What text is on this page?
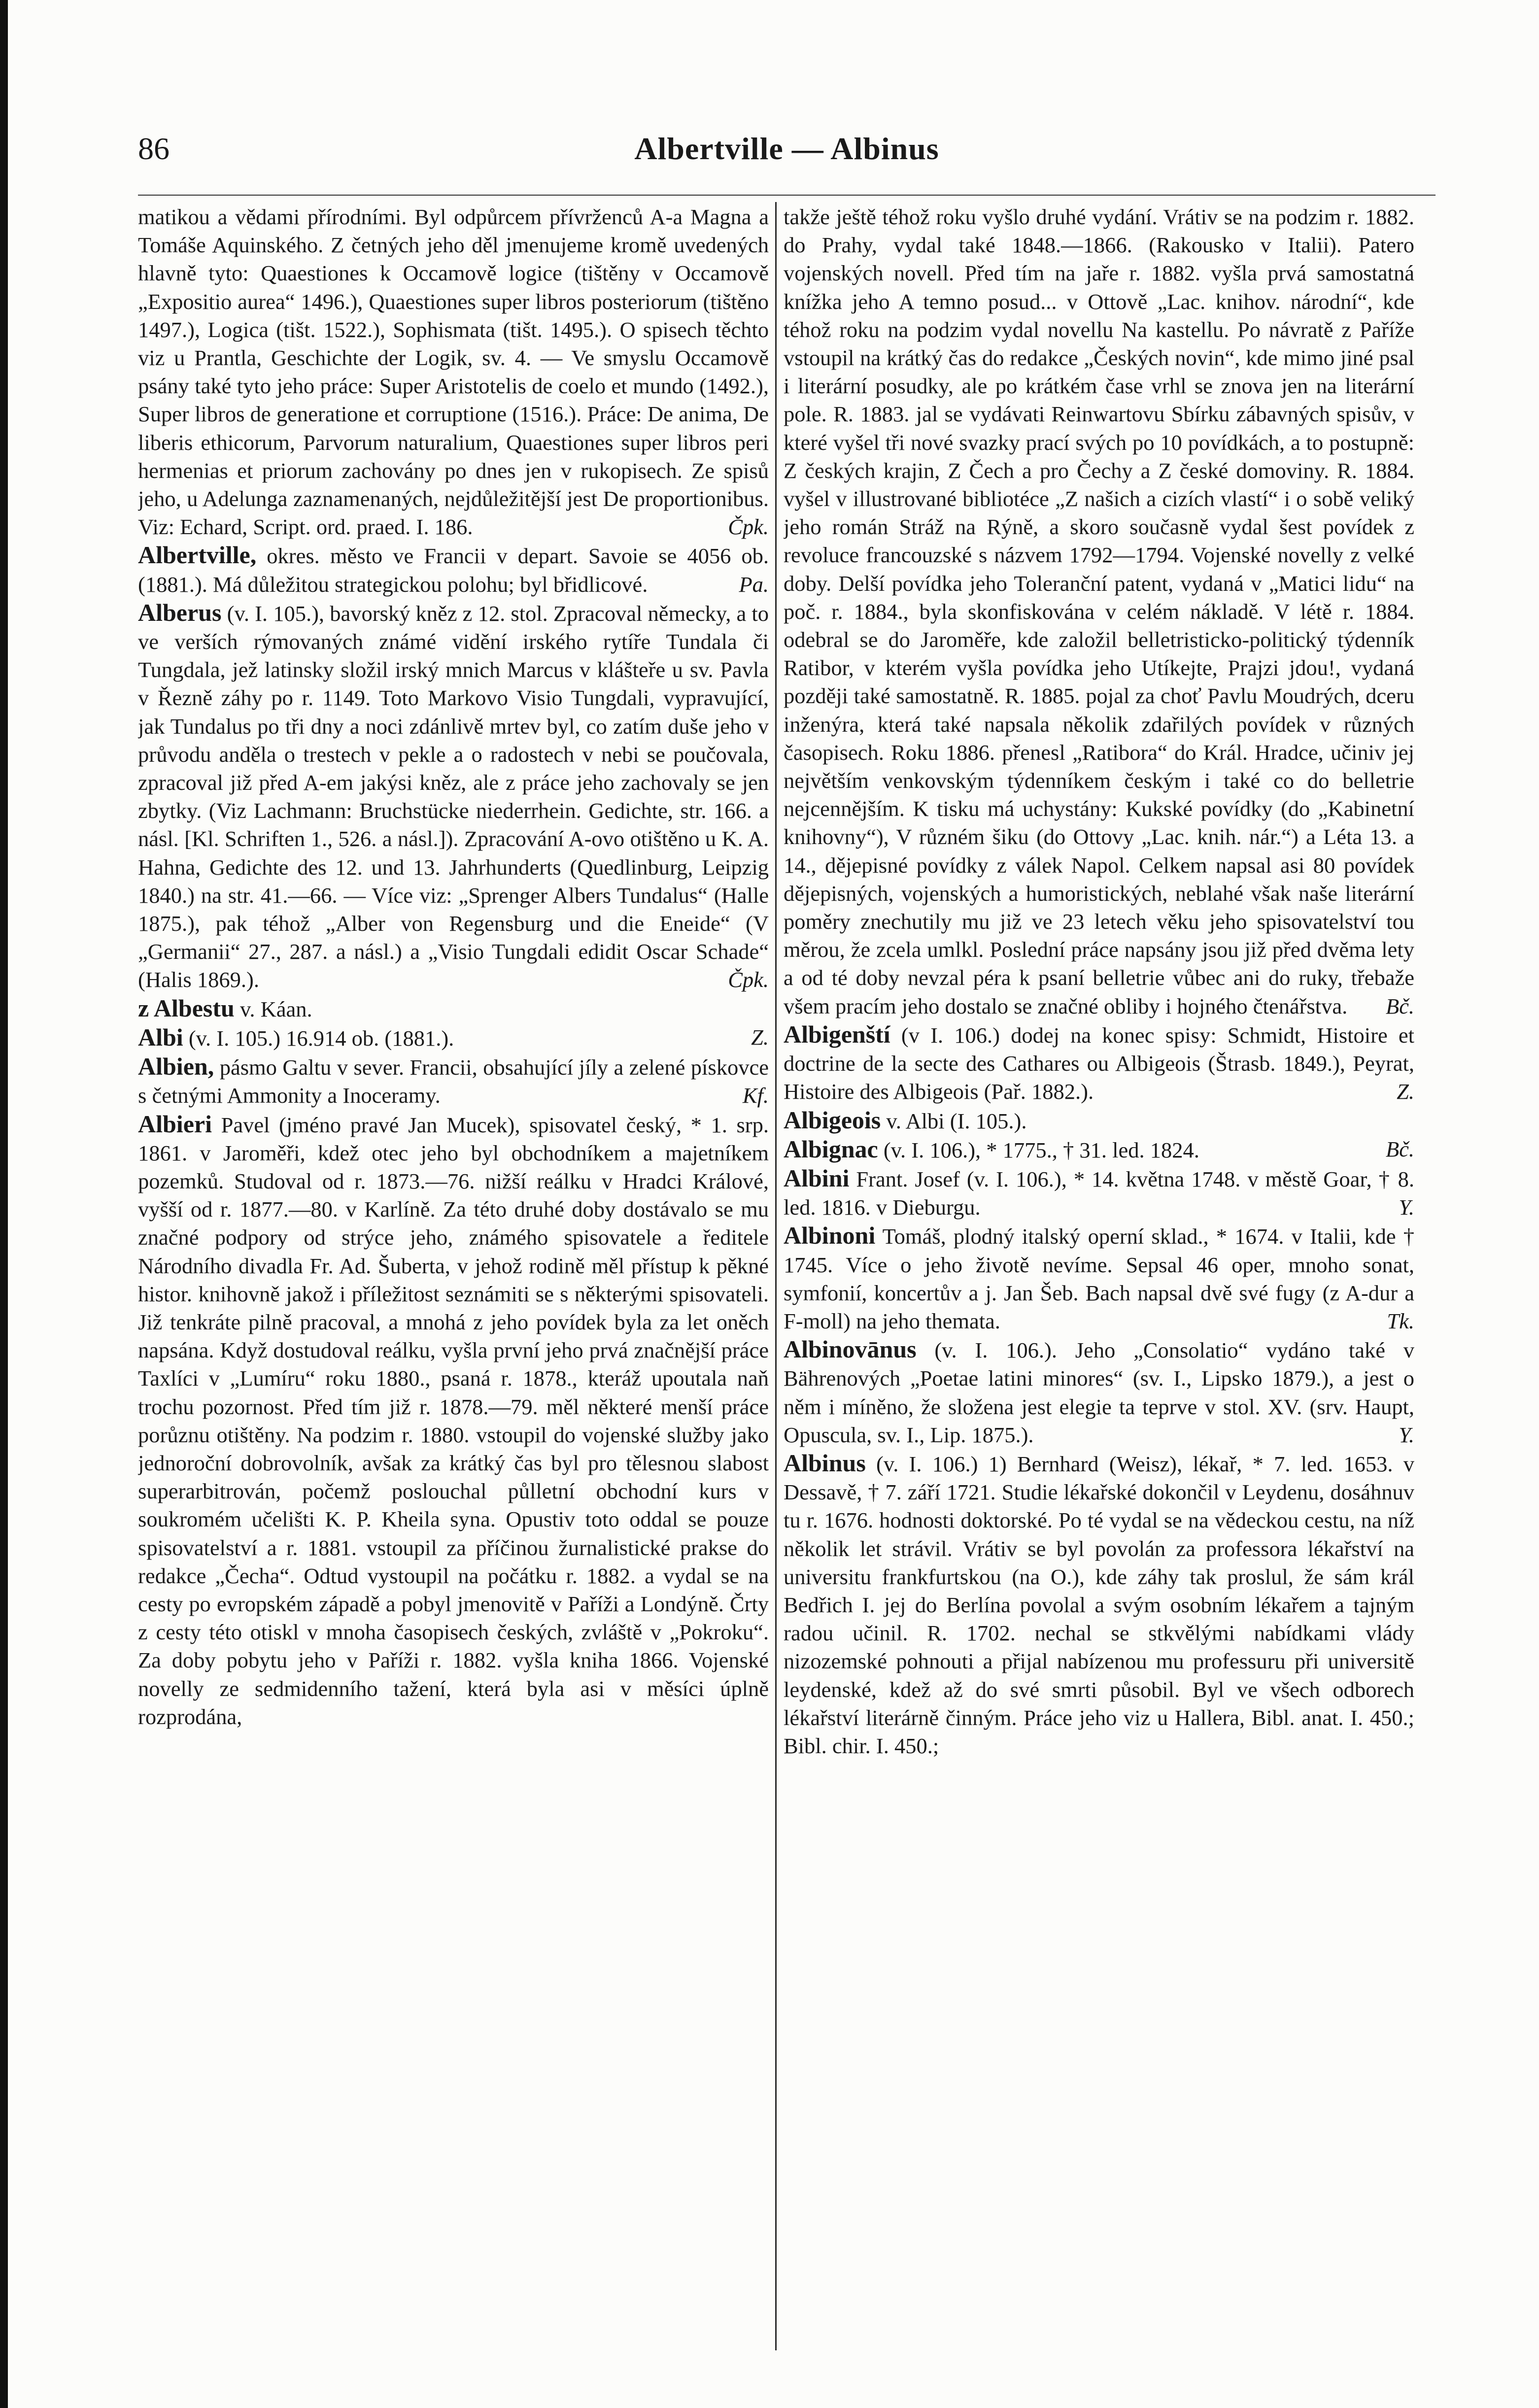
86	Albertville — Albinus

matikou a vědami přírodními. Byl odpůrcem přívrženců A-a Magna a Tomáše Aquinského. Z četných jeho děl jmenujeme kromě uvedených hlavně tyto: Quaestiones k Occamově logice (tištěny v Occamově „Expositio aurea“ 1496.), Quaestiones super libros posteriorum (tištěno 1497.), Logica (tišt. 1522.), Sophismata (tišt. 1495.). O spisech těchto viz u Prantla, Geschichte der Logik, sv. 4. — Ve smyslu Occamově psány také tyto jeho práce: Super Aristotelis de coelo et mundo (1492.), Super libros de generatione et corruptione (1516.). Práce: De anima, De liberis ethicorum, Parvorum naturalium, Quaestiones super libros peri hermenias et priorum zachovány po dnes jen v rukopisech. Ze spisů jeho, u Adelunga zaznamenaných, nejdůležitější jest De proportionibus. Viz: Echard, Script. ord. praed. I. 186.	Čpk.

Albertville, okres. město ve Francii v depart. Savoie se 4056 ob. (1881.). Má důležitou strategickou polohu; byl břidlicové.	Pa.

Alberus (v. I. 105.), bavorský kněz z 12. stol. Zpracoval německy, a to ve verších rýmovaných známé vidění irského rytíře Tundala či Tungdala, jež latinsky složil irský mnich Marcus v klášteře u sv. Pavla v Řezně záhy po r. 1149. Toto Markovo Visio Tungdali, vypravující, jak Tundalus po tři dny a noci zdánlivě mrtev byl, co zatím duše jeho v průvodu anděla o trestech v pekle a o radostech v nebi se poučovala, zpracoval již před A-em jakýsi kněz, ale z práce jeho zachovaly se jen zbytky. (Viz Lachmann: Bruchstücke niederrhein. Gedichte, str. 166. a násl. [Kl. Schriften 1., 526. a násl.]). Zpracování A-ovo otištěno u K. A. Hahna, Gedichte des 12. und 13. Jahrhunderts (Quedlinburg, Leipzig 1840.) na str. 41.—66. — Více viz: „Sprenger Albers Tundalus“ (Halle 1875.), pak téhož „Alber von Regensburg und die Eneide“ (V „Germanii“ 27., 287. a násl.) a „Visio Tungdali edidit Oscar Schade“ (Halis 1869.).	Čpk.

z Albestu v. Káan.

Albi (v. I. 105.) 16.914 ob. (1881.).	Z.

Albien, pásmo Galtu v sever. Francii, obsahující jíly a zelené pískovce s četnými Ammonity a Inoceramy.	Kf.

Albieri Pavel (jméno pravé Jan Mucek), spisovatel český, * 1. srp. 1861. v Jaroměři, kdež otec jeho byl obchodníkem a majetníkem pozemků. Studoval od r. 1873.—76. nižší reálku v Hradci Králové, vyšší od r. 1877.—80. v Karlíně. Za této druhé doby dostávalo se mu značné podpory od strýce jeho, známého spisovatele a ředitele Národního divadla Fr. Ad. Šuberta, v jehož rodině měl přístup k pěkné histor. knihovně jakož i příležitost seznámiti se s některými spisovateli. Již tenkráte pilně pracoval, a mnohá z jeho povídek byla za let oněch napsána. Když dostudoval reálku, vyšla první jeho prvá značnější práce Taxlíci v „Lumíru“ roku 1880., psaná r. 1878., kteráž upoutala naň trochu pozornost. Před tím již r. 1878.—79. měl některé menší práce porůznu otištěny. Na podzim r. 1880. vstoupil do vojenské služby jako jednoroční dobrovolník, avšak za krátký čas byl pro tělesnou slabost superarbitrován, počemž poslouchal půlletní obchodní kurs v soukromém učelišti K. P. Kheila syna. Opustiv toto oddal se pouze spisovatelství a r. 1881. vstoupil za příčinou žurnalistické prakse do redakce „Čecha“. Odtud vystoupil na počátku r. 1882. a vydal se na cesty po evropském západě a pobyl jmenovitě v Paříži a Londýně. Črty z cesty této otiskl v mnoha časopisech českých, zvláště v „Pokroku“. Za doby pobytu jeho v Paříži r. 1882. vyšla kniha 1866. Vojenské novelly ze sedmidenního tažení, která byla asi v měsíci úplně rozprodána,

takže ještě téhož roku vyšlo druhé vydání. Vrátiv se na podzim r. 1882. do Prahy, vydal také 1848.—1866. (Rakousko v Italii). Patero vojenských novell. Před tím na jaře r. 1882. vyšla prvá samostatná knížka jeho A temno posud... v Ottově „Lac. knihov. národní“, kde téhož roku na podzim vydal novellu Na kastellu. Po návratě z Paříže vstoupil na krátký čas do redakce „Českých novin“, kde mimo jiné psal i literární posudky, ale po krátkém čase vrhl se znova jen na literární pole. R. 1883. jal se vydávati Reinwartovu Sbírku zábavných spisův, v které vyšel tři nové svazky prací svých po 10 povídkách, a to postupně: Z českých krajin, Z Čech a pro Čechy a Z české domoviny. R. 1884. vyšel v illustrované bibliotéce „Z našich a cizích vlastí“ i o sobě veliký jeho román Stráž na Rýně, a skoro současně vydal šest povídek z revoluce francouzské s názvem 1792—1794. Vojenské novelly z velké doby. Delší povídka jeho Toleranční patent, vydaná v „Matici lidu“ na poč. r. 1884., byla skonfiskována v celém nákladě. V létě r. 1884. odebral se do Jaroměře, kde založil belletristicko-politický týdenník Ratibor, v kterém vyšla povídka jeho Utíkejte, Prajzi jdou!, vydaná později také samostatně. R. 1885. pojal za choť Pavlu Moudrých, dceru inženýra, která také napsala několik zdařilých povídek v různých časopisech. Roku 1886. přenesl „Ratibora“ do Král. Hradce, učiniv jej největším venkovským týdenníkem českým i také co do belletrie nejcennějším. K tisku má uchystány: Kukské povídky (do „Kabinetní knihovny“), V různém šiku (do Ottovy „Lac. knih. nár.“) a Léta 13. a 14., dějepisné povídky z válek Napol. Celkem napsal asi 80 povídek dějepisných, vojenských a humoristických, neblahé však naše literární poměry znechutily mu již ve 23 letech věku jeho spisovatelství tou měrou, že zcela umlkl. Poslední práce napsány jsou již před dvěma lety a od té doby nevzal péra k psaní belletrie vůbec ani do ruky, třebaže všem pracím jeho dostalo se značné obliby i hojného čtenářstva. Bč.

Albigenští (v I. 106.) dodej na konec spisy: Schmidt, Histoire et doctrine de la secte des Cathares ou Albigeois (Štrasb. 1849.), Peyrat, Histoire des Albigeois (Pař. 1882.).	Z.

Albigeois v. Albi (I. 105.).

Albignac (v. I. 106.), * 1775., † 31. led. 1824.	Bč.

Albini Frant. Josef (v. I. 106.), * 14. května 1748. v městě Goar, † 8. led. 1816. v Dieburgu.	Y.

Albinoni Tomáš, plodný italský operní sklad., * 1674. v Italii, kde † 1745. Více o jeho životě nevíme. Sepsal 46 oper, mnoho sonat, symfonií, koncertův a j. Jan Šeb. Bach napsal dvě své fugy (z A-dur a F-moll) na jeho themata.	Tk.

Albinovānus (v. I. 106.). Jeho „Consolatio“ vydáno také v Bährenových „Poetae latini minores“ (sv. I., Lipsko 1879.), a jest o něm i míněno, že složena jest elegie ta teprve v stol. XV. (srv. Haupt, Opuscula, sv. I., Lip. 1875.).	Y.

Albinus (v. I. 106.) 1) Bernhard (Weisz), lékař, * 7. led. 1653. v Dessavě, † 7. září 1721. Studie lékařské dokončil v Leydenu, dosáhnuv tu r. 1676. hodnosti doktorské. Po té vydal se na vědeckou cestu, na níž několik let strávil. Vrátiv se byl povolán za professora lékařství na universitu frankfurtskou (na O.), kde záhy tak proslul, že sám král Bedřich I. jej do Berlína povolal a svým osobním lékařem a tajným radou učinil. R. 1702. nechal se stkvělými nabídkami vlády nizozemské pohnouti a přijal nabízenou mu professuru při universitě leydenské, kdež až do své smrti působil. Byl ve všech odborech lékařství literárně činným. Práce jeho viz u Hallera, Bibl. anat. I. 450.; Bibl. chir. I. 450.;
